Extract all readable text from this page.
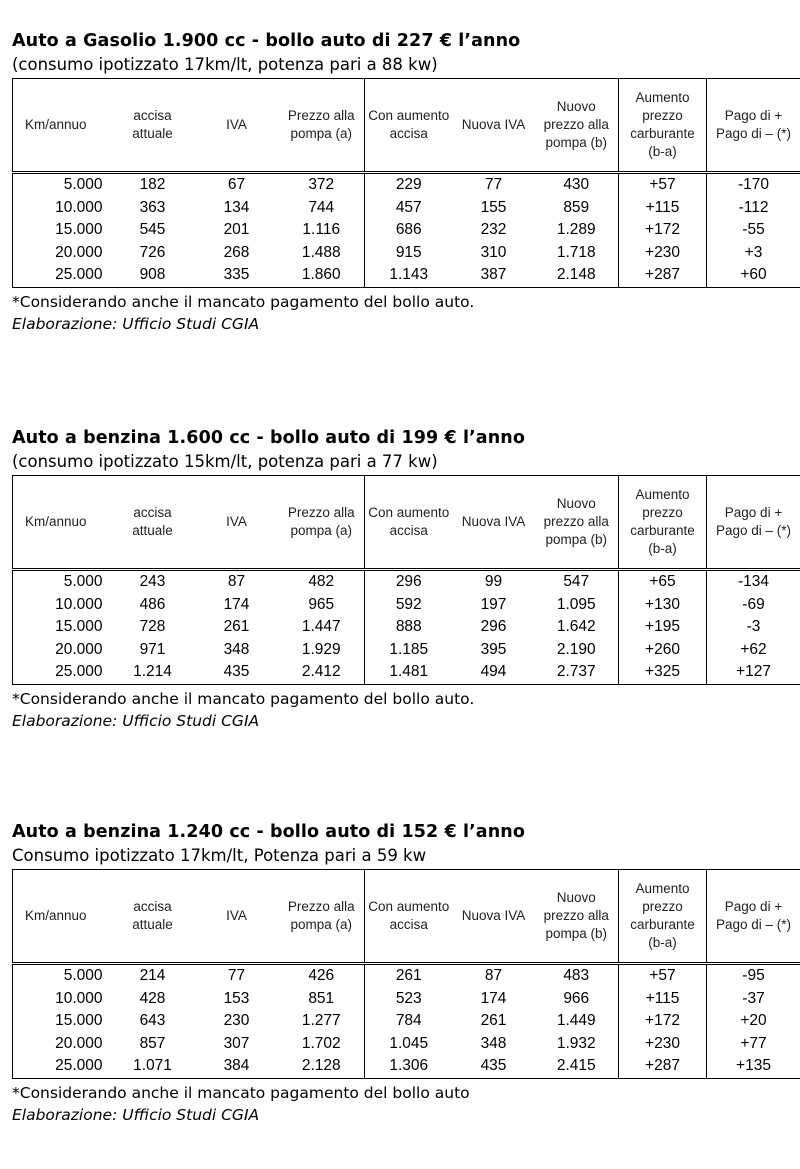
Auto a Gasolio 1.900 cc - bollo auto di 227 € l’anno
(consumo ipotizzato 17km/lt, potenza pari a 88 kw)
Km/annuo	accisa attuale	IVA	Prezzo alla pompa (a)	Con aumento accisa	Nuova IVA	Nuovo prezzo alla pompa (b)	Aumento prezzo carburante (b-a)	Pago di + Pago di – (*)
5.000	182	67	372	229	77	430	+57	-170
10.000	363	134	744	457	155	859	+115	-112
15.000	545	201	1.116	686	232	1.289	+172	-55
20.000	726	268	1.488	915	310	1.718	+230	+3
25.000	908	335	1.860	1.143	387	2.148	+287	+60
*Considerando anche il mancato pagamento del bollo auto.
Elaborazione: Ufficio Studi CGIA
Auto a benzina 1.600 cc - bollo auto di 199 € l’anno
(consumo ipotizzato 15km/lt, potenza pari a 77 kw)
Km/annuo	accisa attuale	IVA	Prezzo alla pompa (a)	Con aumento accisa	Nuova IVA	Nuovo prezzo alla pompa (b)	Aumento prezzo carburante (b-a)	Pago di + Pago di – (*)
5.000	243	87	482	296	99	547	+65	-134
10.000	486	174	965	592	197	1.095	+130	-69
15.000	728	261	1.447	888	296	1.642	+195	-3
20.000	971	348	1.929	1.185	395	2.190	+260	+62
25.000	1.214	435	2.412	1.481	494	2.737	+325	+127
*Considerando anche il mancato pagamento del bollo auto.
Elaborazione: Ufficio Studi CGIA
Auto a benzina 1.240 cc - bollo auto di 152 € l’anno
Consumo ipotizzato 17km/lt, Potenza pari a 59 kw
Km/annuo	accisa attuale	IVA	Prezzo alla pompa (a)	Con aumento accisa	Nuova IVA	Nuovo prezzo alla pompa (b)	Aumento prezzo carburante (b-a)	Pago di + Pago di – (*)
5.000	214	77	426	261	87	483	+57	-95
10.000	428	153	851	523	174	966	+115	-37
15.000	643	230	1.277	784	261	1.449	+172	+20
20.000	857	307	1.702	1.045	348	1.932	+230	+77
25.000	1.071	384	2.128	1.306	435	2.415	+287	+135
*Considerando anche il mancato pagamento del bollo auto
Elaborazione: Ufficio Studi CGIA
